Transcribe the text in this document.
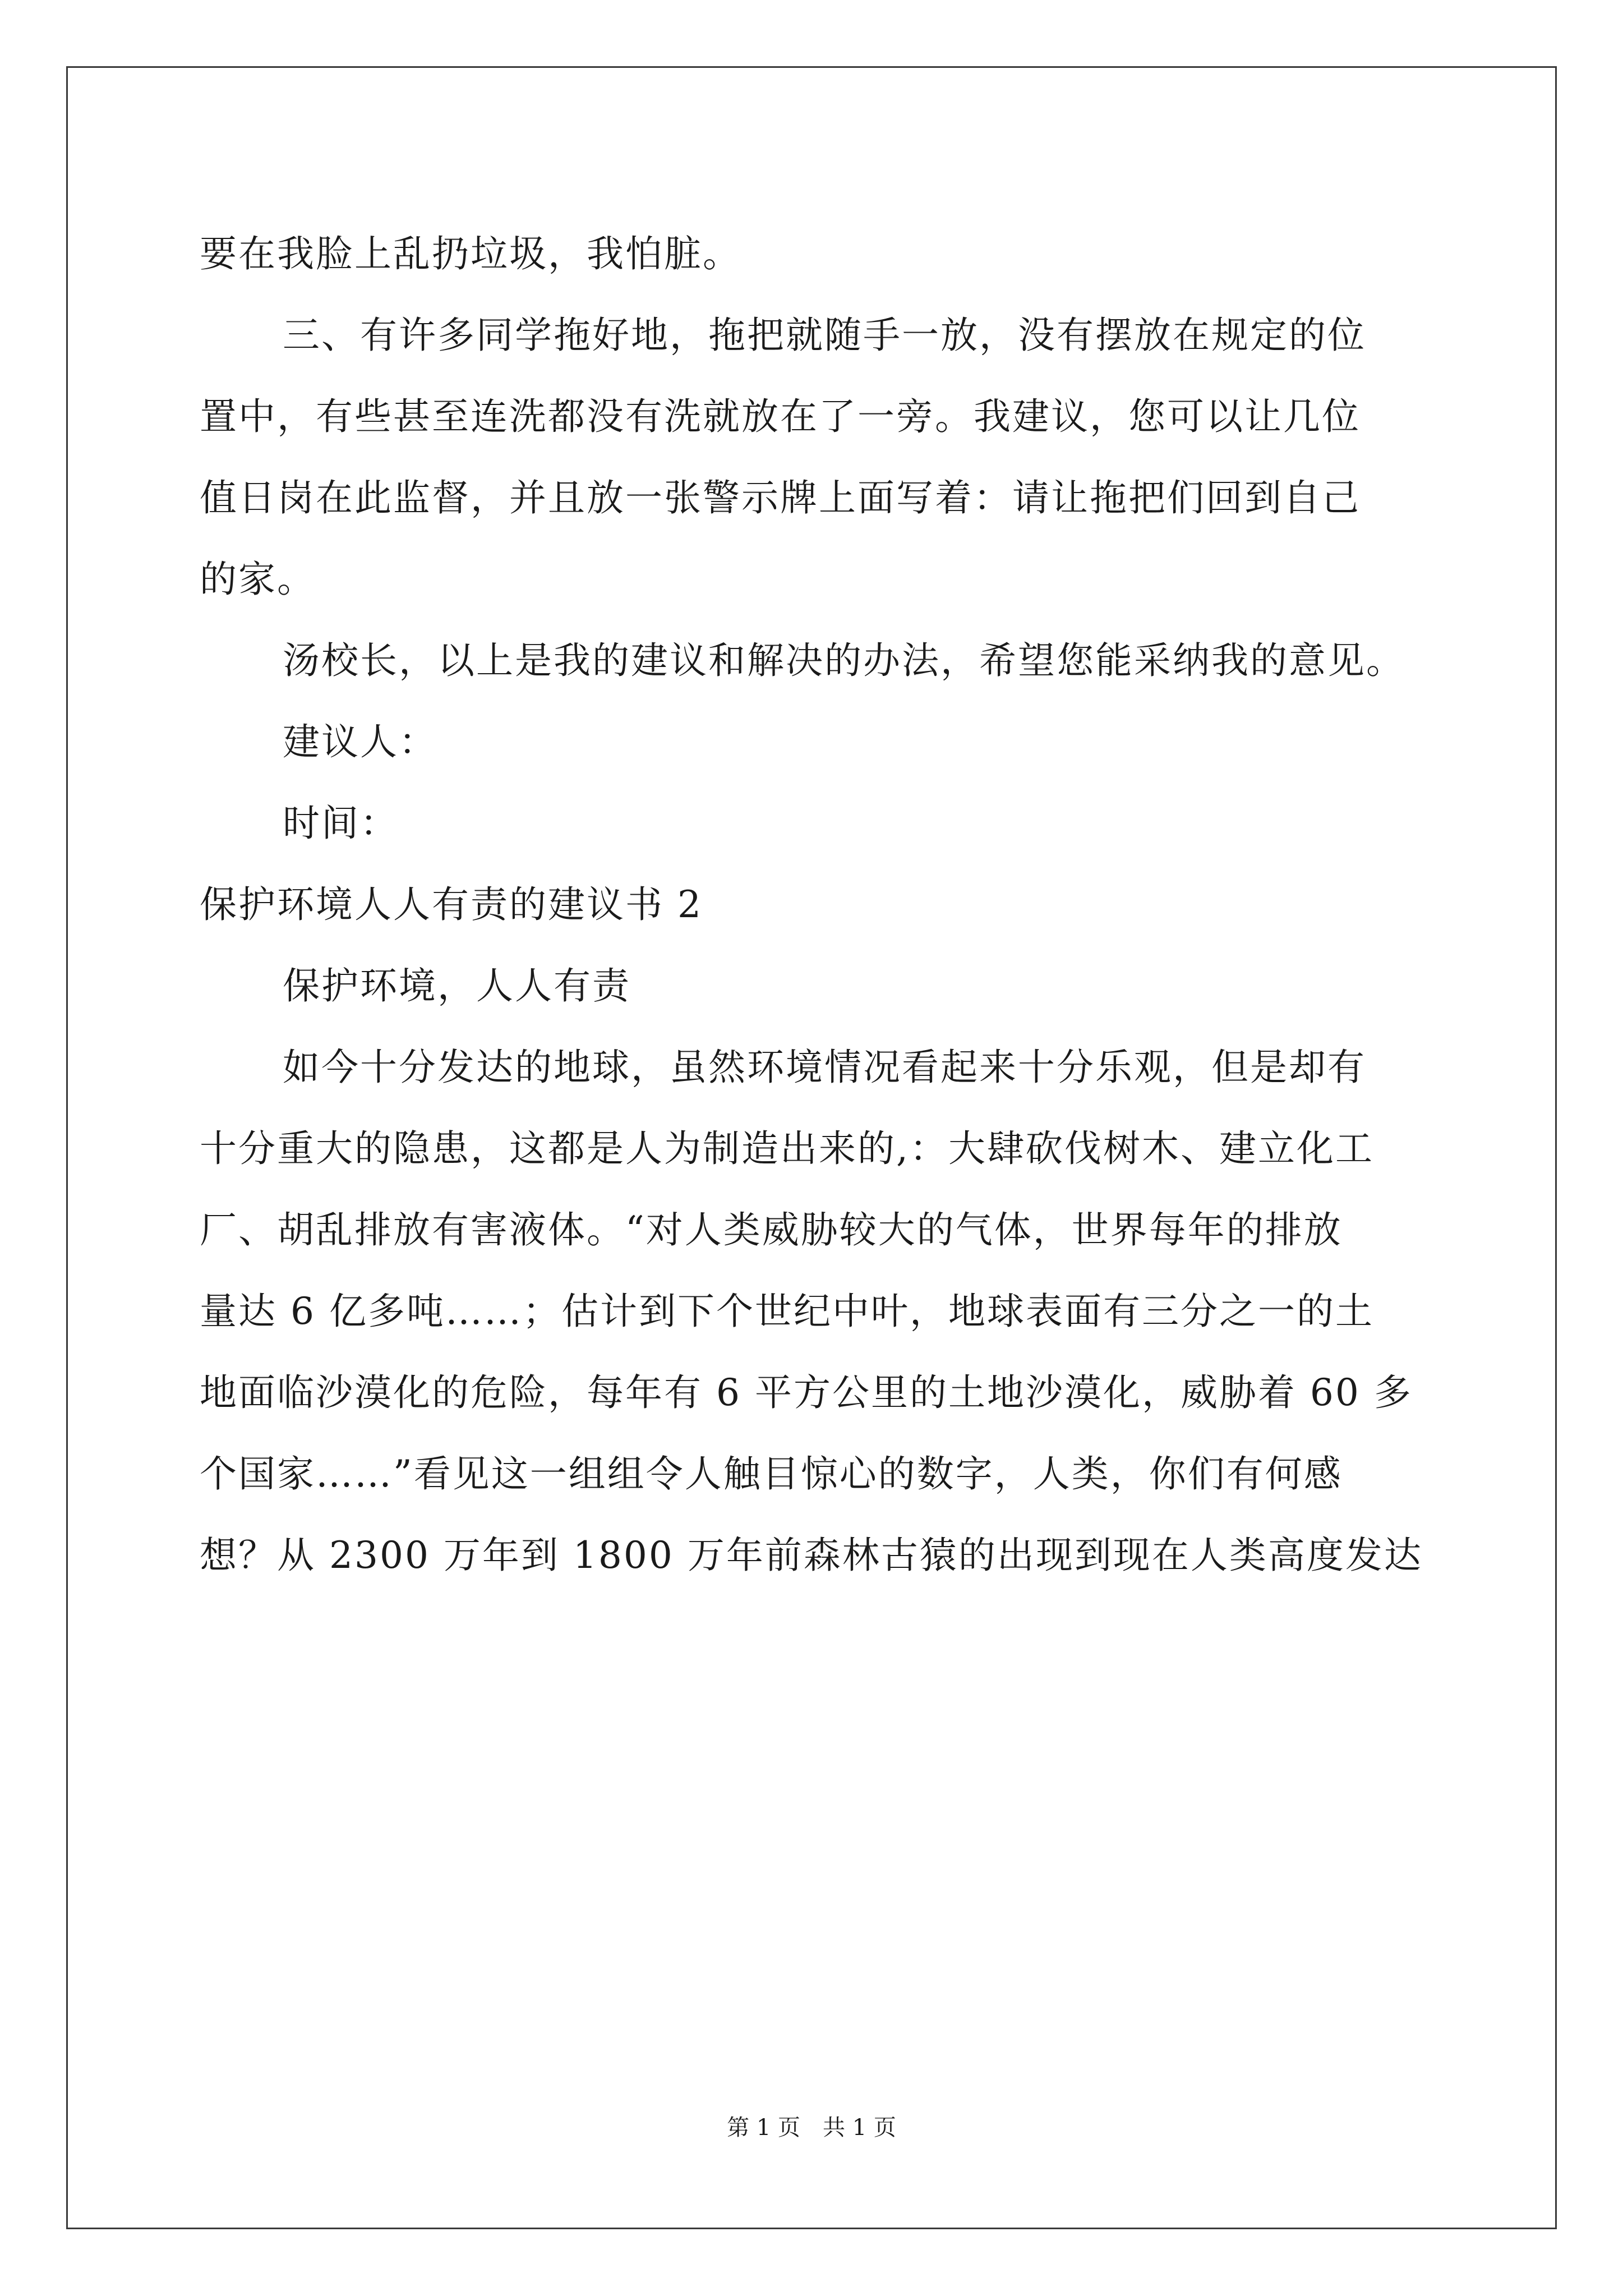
要在我脸上乱扔垃圾，我怕脏。
三、有许多同学拖好地，拖把就随手一放，没有摆放在规定的位
置中，有些甚至连洗都没有洗就放在了一旁。我建议，您可以让几位
值日岗在此监督，并且放一张警示牌上面写着：请让拖把们回到自己
的家。
汤校长，以上是我的建议和解决的办法，希望您能采纳我的意见。
建议人：
时间：
保护环境人人有责的建议书 2
保护环境，人人有责
如今十分发达的地球，虽然环境情况看起来十分乐观，但是却有
十分重大的隐患，这都是人为制造出来的,：大肆砍伐树木、建立化工
厂、胡乱排放有害液体。“对人类威胁较大的气体，世界每年的排放
量达 6 亿多吨……；估计到下个世纪中叶，地球表面有三分之一的土
地面临沙漠化的危险，每年有 6 平方公里的土地沙漠化，威胁着 60 多
个国家……”看见这一组组令人触目惊心的数字，人类，你们有何感
想？从 2300 万年到 1800 万年前森林古猿的出现到现在人类高度发达
第 1 页　共 1 页
